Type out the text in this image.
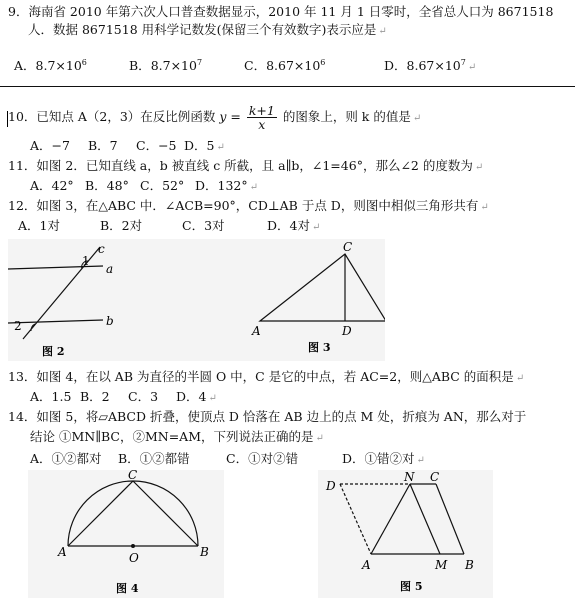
9．海南省 2010 年第六次人口普查数据显示，2010 年 11 月 1 日零时，全省总人口为 8671518
人．数据 8671518 用科学记数发(保留三个有效数字)表示应是 ↵
A．$8.7\times 10^6$	B．$8.7\times 10^7$	C．$8.67\times 10^6$	D．$8.67\times 10^7$ ↵
10．已知点 A（2，3）在反比例函数 $y = \frac{k+1}{x}$ 的图象上，则 k 的值是 ↵
A．−7 B．7 C．−5 D．5 ↵
11．如图 2．已知直线 a，b 被直线 c 所截，且 a∥b，∠1=46°，那么∠2 的度数为 ↵
A．42° B．48° C．52° D．132° ↵
12．如图 3，在△ABC 中．∠ACB=90°，CD⊥AB 于点 D，则图中相似三角形共有 ↵
A．1对	B．2对	C．3对	D．4对 ↵
c
1
a
b
2
图 2
A
C
D
图 3
13．如图 4，在以 AB 为直径的半圆 O 中，C 是它的中点，若 AC=2，则△ABC 的面积是 ↵
A．1.5 B．2 C．3 D．4 ↵
14．如图 5，将▱ABCD 折叠，使顶点 D 恰落在 AB 边上的点 M 处，折痕为 AN，那么对于
结论 ①MN∥BC，②MN=AM，下列说法正确的是 ↵
A．①②都对 B．①②都错	C．①对②错	D．①错②对 ↵
C
A	B
O
图 4
D
N C
A	M B
图 5
